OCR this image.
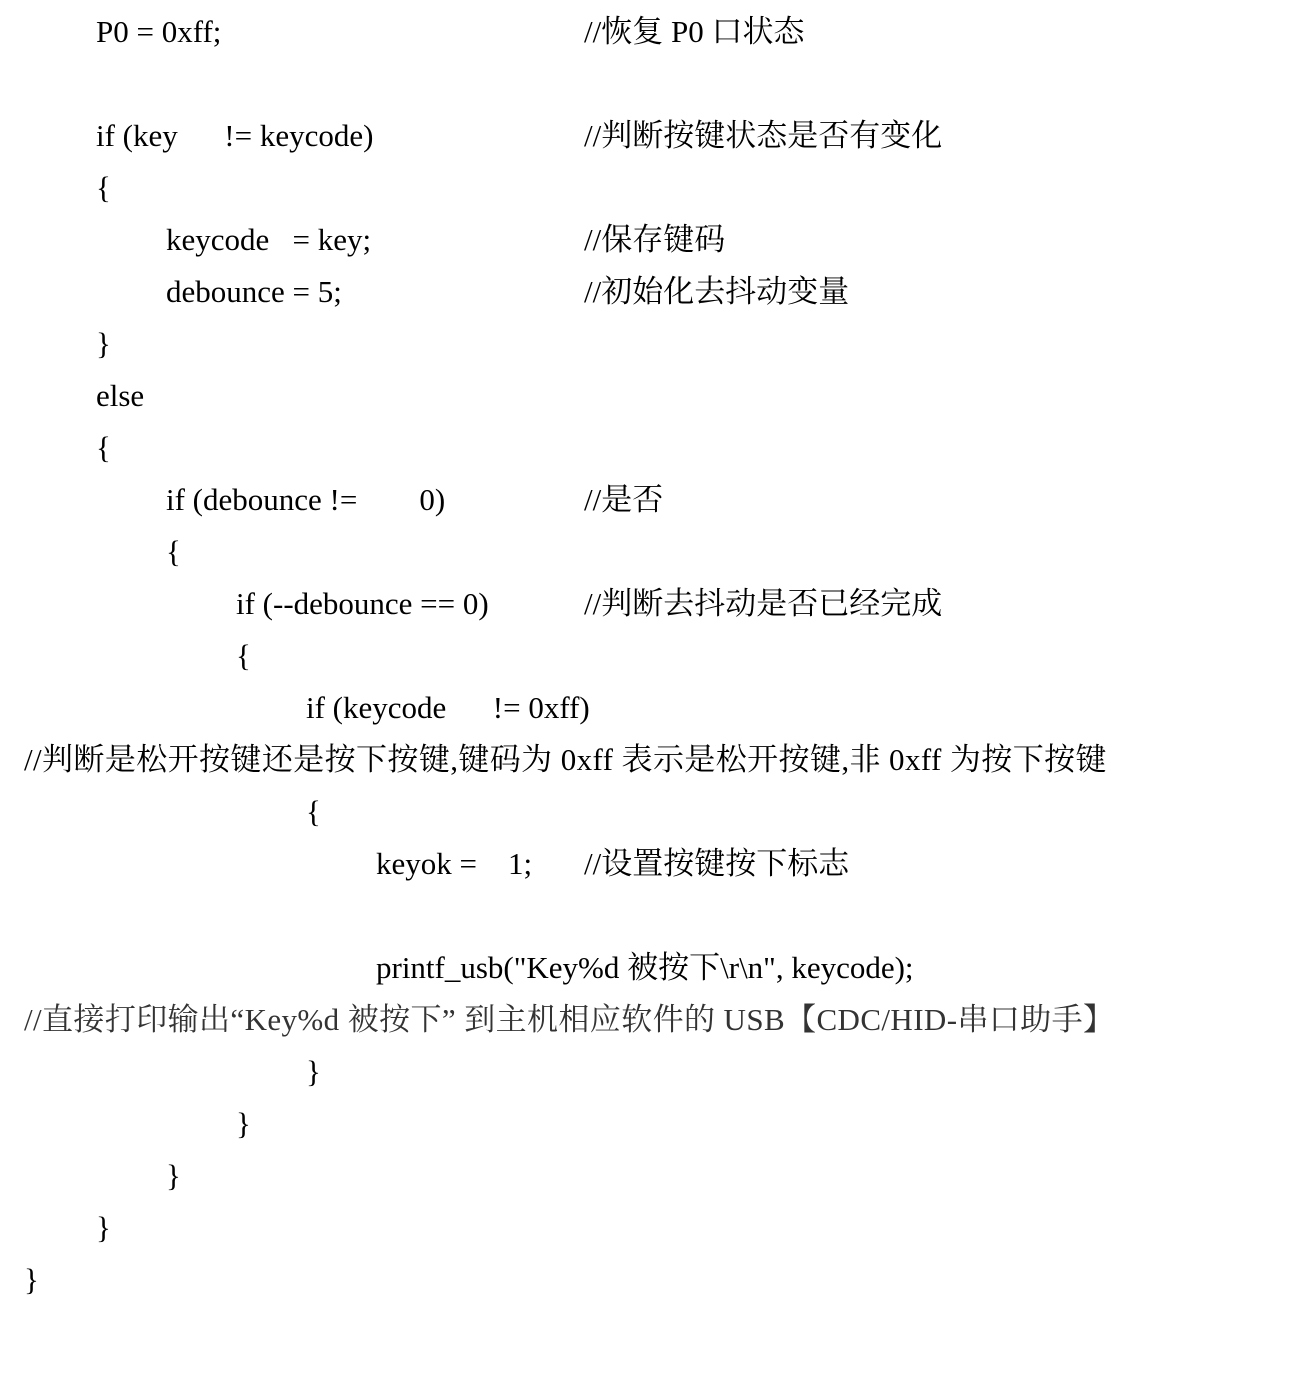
P0 = 0xff;

	//恢复 P0 口状态

if (key      != keycode)

	//判断按键状态是否有变化

{

keycode   = key;

	//保存键码

debounce = 5;

	//初始化去抖动变量

}

else

{

if (debounce !=        0)

	//是否

{

if (--debounce == 0)

	//判断去抖动是否已经完成

{

if (keycode      != 0xff)

//判断是松开按键还是按下按键,键码为 0xff 表示是松开按键,非 0xff 为按下按键

{

keyok =    1;

//设置按键按下标志

printf_usb("Key%d 被按下\r\n", keycode);

//直接打印输出“Key%d 被按下” 到主机相应软件的 USB【CDC/HID-串口助手】

}

}

}

}

}
